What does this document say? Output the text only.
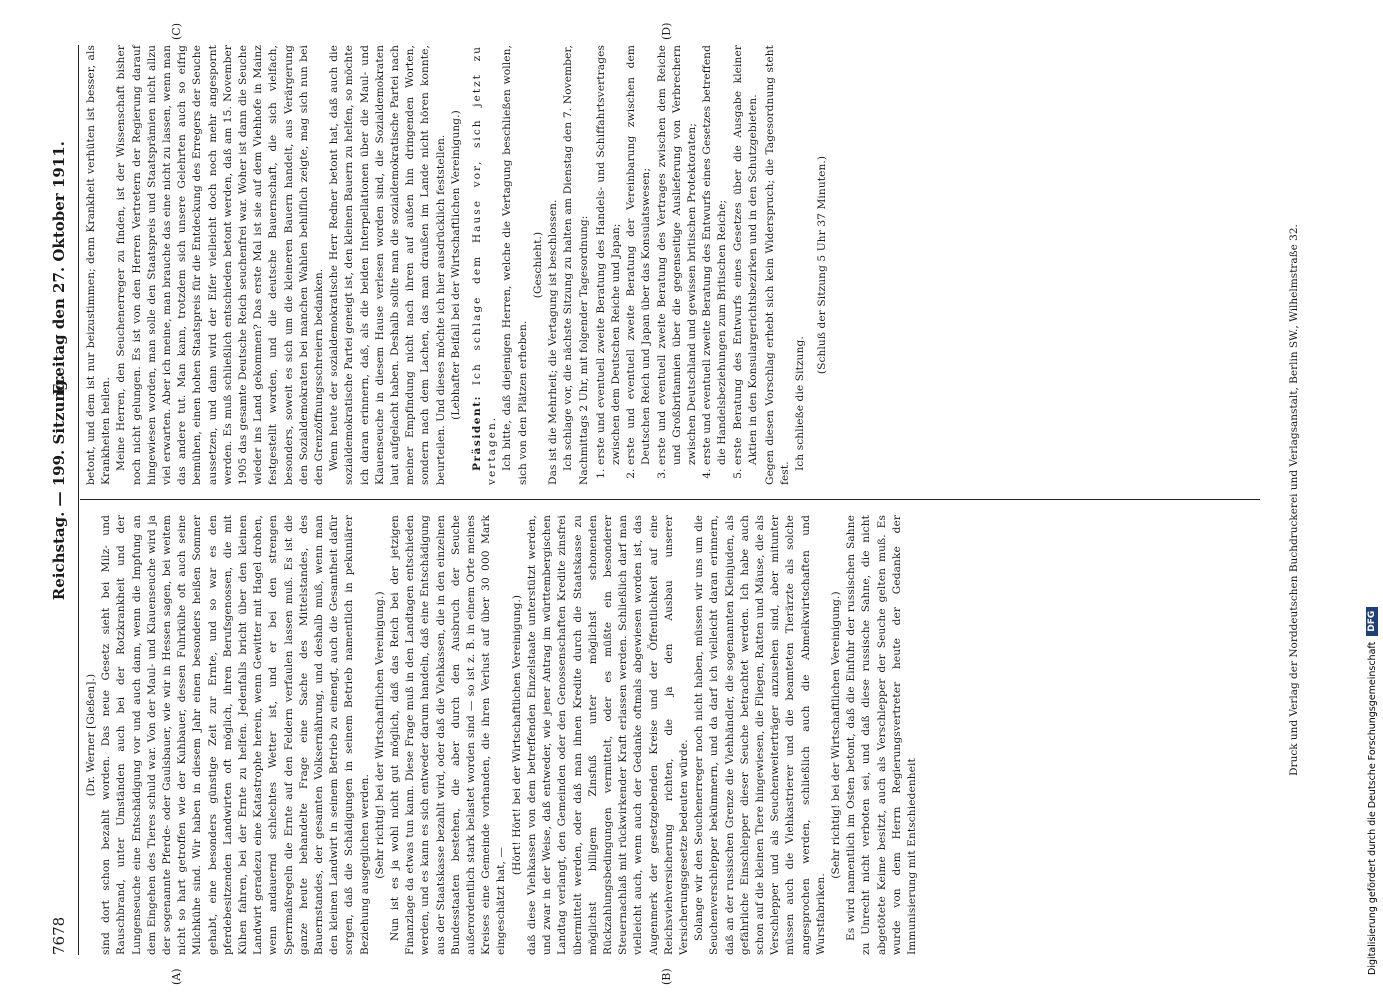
7678
Reichstag. — 199. Sitzung.
Freitag den 27. Oktober 1911.
(A)	(B)
(C)	(D)

(Dr. Werner [Gießen].) sind dort schon bezahlt worden. Das neue Gesetz sieht bei Milz- und Rauschbrand, unter Umständen auch bei der Rotzkrankheit und der Lungenseuche eine Entschädigung vor und auch dann, wenn die Impfung an dem Eingehen des Tieres schuld war. Von der Maul- und Klauenseuche wird ja der sogenannte Pferde- oder Gaulsbauer, wie wir in Hessen sagen, bei weitem nicht so hart getroffen wie der Kuhbauer, dessen Fuhrkühe oft auch seine Milchkühe sind. Wir haben in diesem Jahr einen besonders heißen Sommer gehabt, eine besonders günstige Zeit zur Ernte, und so war es den pferdebesitzenden Landwirten oft möglich, ihren Berufsgenossen, die mit Kühen fahren, bei der Ernte zu helfen. Jedenfalls bricht über den kleinen Landwirt geradezu eine Katastrophe herein, wenn Gewitter mit Hagel drohen, wenn andauernd schlechtes Wetter ist, und er bei den strengen Sperrmaßregeln die Ernte auf den Feldern verfaulen lassen muß. Es ist die ganze heute behandelte Frage eine Sache des Mittelstandes, des Bauernstandes, der gesamten Volksernährung, und deshalb muß, wenn man den kleinen Landwirt in seinem Betrieb zu einengt, auch die Gesamtheit dafür sorgen, daß die Schädigungen in seinem Betrieb namentlich in pekuniärer Beziehung ausgeglichen werden. (Sehr richtig! bei der Wirtschaftlichen Vereinigung.) Nun ist es ja wohl nicht gut möglich, daß das Reich bei der jetzigen Finanzlage da etwas tun kann. Diese Frage muß in den Landtagen entschieden werden, und es kann es sich entweder darum handeln, daß eine Entschädigung aus der Staatskasse bezahlt wird, oder daß die Viehkassen, die in den einzelnen Bundesstaaten bestehen, die aber durch den Ausbruch der Seuche außerordentlich stark belastet worden sind — so ist z. B. in einem Orte meines Kreises eine Gemeinde vorhanden, die ihren Verlust auf über 30 000 Mark eingeschätzt hat, —

(Hört! Hört! bei der Wirtschaftlichen Vereinigung.) daß diese Viehkassen von dem betreffenden Einzelstaate unterstützt werden, und zwar in der Weise, daß entweder, wie jener Antrag im württembergischen Landtag verlangt, den Gemeinden oder den Genossenschaften Kredite zinsfrei übermittelt werden, oder daß man ihnen Kredite durch die Staatskasse zu möglichst billigem Zinsfuß unter möglichst schonenden Rückzahlungsbedingungen vermittelt, oder es müßte ein besonderer Steuernachlaß mit rückwirkender Kraft erlassen werden. Schließlich darf man vielleicht auch, wenn auch der Gedanke oftmals abgewiesen worden ist, das Augenmerk der gesetzgebenden Kreise und der Öffentlichkeit auf eine Reichsviehversicherung richten, die ja den Ausbau unserer Versicherungsgesetze bedeuten würde. Solange wir den Seuchenerreger noch nicht haben, müssen wir uns um die Seuchenverschlepper bekümmern, und da darf ich vielleicht daran erinnern, daß an der russischen Grenze die Viehhändler, die sogenannten Kleinjuden, als gefährliche Einschlepper dieser Seuche betrachtet werden. Ich habe auch schon auf die kleinen Tiere hingewiesen, die Fliegen, Ratten und Mäuse, die als Verschlepper und als Seuchenweiterträger anzusehen sind, aber mitunter müssen auch die Viehkastrierer und die beamteten Tierärzte als solche angesprochen werden, schließlich auch die Abmelkwirtschaften und Wurstfabriken.

(Sehr richtig! bei der Wirtschaftlichen Vereinigung.) Es wird namentlich im Osten betont, daß die Einfuhr der russischen Sahne zu Unrecht nicht verboten sei, und daß diese russische Sahne, die nicht abgetötete Keime besitzt, auch als Verschlepper der Seuche gelten muß. Es wurde von dem Herrn Regierungsvertreter heute der Gedanke der Immunisierung mit Entschiedenheit

betont, und dem ist nur beizustimmen; denn Krankheit verhüten ist besser, als Krankheiten heilen. Meine Herren, den Seuchenerreger zu finden, ist der Wissenschaft bisher noch nicht gelungen. Es ist von den Herren Vertretern der Regierung darauf hingewiesen worden, man solle den Staatspreis und Staatsprämien nicht allzu viel erwarten. Aber ich meine, man brauche das eine nicht zu lassen, wenn man das andere tut. Man kann, trotzdem sich unsere Gelehrten auch so eifrig bemühen, einen hohen Staatspreis für die Entdeckung des Erregers der Seuche aussetzen, und dann wird der Eifer vielleicht doch noch mehr angespornt werden. Es muß schließlich entschieden betont werden, daß am 15. November 1905 das gesamte Deutsche Reich seuchenfrei war. Woher ist dann die Seuche wieder ins Land gekommen? Das erste Mal ist sie auf dem Viehhofe in Mainz festgestellt worden, und die deutsche Bauernschaft, die sich vielfach, besonders, soweit es sich um die kleineren Bauern handelt, aus Verärgerung den Sozialdemokraten bei manchen Wahlen behilflich zeigte, mag sich nun bei den Grenzöffnungsschreiern bedanken. Wenn heute der sozialdemokratische Herr Redner betont hat, daß auch die sozialdemokratische Partei geneigt ist, den kleinen Bauern zu helfen, so möchte ich daran erinnern, daß, als die beiden Interpellationen über die Maul- und Klauenseuche in diesem Hause verlesen worden sind, die Sozialdemokraten laut aufgelacht haben. Deshalb sollte man die sozialdemokratische Partei nach meiner Empfindung nicht nach ihren auf außen hin dringenden Worten, sondern nach dem Lachen, das man draußen im Lande nicht hören konnte, beurteilen. Und dieses möchte ich hier ausdrücklich feststellen. (Lebhafter Beifall bei der Wirtschaftlichen Vereinigung.)

Präsident: Ich schlage dem Hause vor, sich jetzt zu vertagen. Ich bitte, daß diejenigen Herren, welche die Vertagung beschließen wollen, sich von den Plätzen erheben.

(Geschieht.) Das ist die Mehrheit; die Vertagung ist beschlossen. Ich schlage vor, die nächste Sitzung zu halten am Dienstag den 7. November, Nachmittags 2 Uhr, mit folgender Tagesordnung: 1. erste und eventuell zweite Beratung des Handels- und Schiffahrtsvertrages zwischen dem Deutschen Reiche und Japan; 2. erste und eventuell zweite Beratung der Vereinbarung zwischen dem Deutschen Reich und Japan über das Konsulatswesen; 3. erste und eventuell zweite Beratung des Vertrages zwischen dem Reiche und Großbritannien über die gegenseitige Auslieferung von Verbrechern zwischen Deutschland und gewissen britischen Protektoraten; 4. erste und eventuell zweite Beratung des Entwurfs eines Gesetzes betreffend die Handelsbeziehungen zum Britischen Reiche; 5. erste Beratung des Entwurfs eines Gesetzes über die Ausgabe kleiner Aktien in den Konsulargerichtsbezirken und in den Schutzgebieten. Gegen diesen Vorschlag erhebt sich kein Widerspruch; die Tagesordnung steht fest.

Ich schließe die Sitzung.

(Schluß der Sitzung 5 Uhr 37 Minuten.)	Druck und Verlag der Norddeutschen Buchdruckerei und Verlagsanstalt, Berlin SW., Wilhelmstraße 32.
Digitalisierung gefördert durch die Deutsche Forschungsgemeinschaft
DFG
